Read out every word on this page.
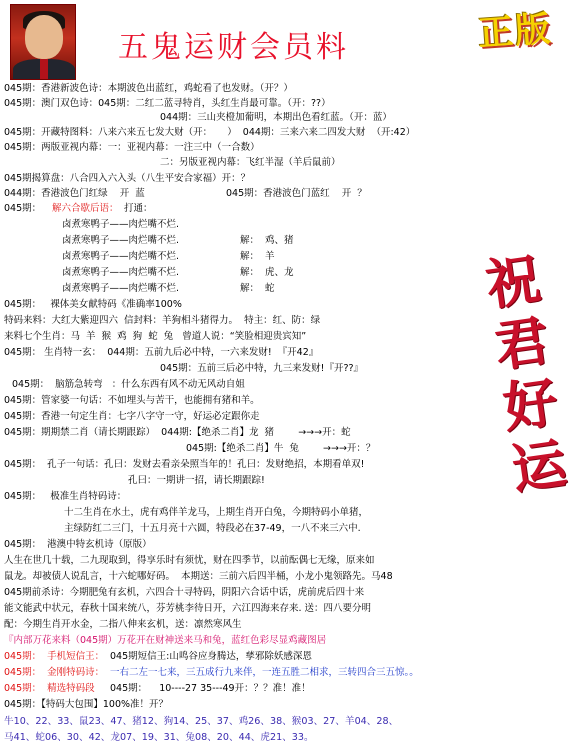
五鬼运财会员料	正版
祝
君
好
运
045期：香港新波色诗：本期波色出蓝红，鸡蛇看了也发财。（开？）
045期：澳门双色诗：045期：二红二蓝寻特肖，头红生肖最可靠。（开：??）
044期：三山夹橙加葡明，本期出色看红蓝。（开：蓝）
045期：开藏特图料：八来六来五七发大财（开：     ）  044期：三来六来二四发大财  （开:42）
045期：两版亚视内幕：一：亚视内幕：一注三中（一合数）
二：另版亚视内幕：飞红半湿（羊后鼠前）
045期揭算盘：八合四入六入头（八生平安合家福）开：？
044期：香港波色门红绿    开  蓝	045期：香港波色门蓝红    开  ？
045期： 解六合歇后语： 打通：
卤煮寒鸭子——肉烂嘴不烂.
卤煮寒鸭子——肉烂嘴不烂.	解：  鸡、猪
卤煮寒鸭子——肉烂嘴不烂.	解：  羊
卤煮寒鸭子——肉烂嘴不烂.	解：  虎、龙
卤煮寒鸭子——肉烂嘴不烂.	解：  蛇
045期：   裸体美女献特码《准确率100%
特码来料：大红大紫迎四六  信封料：羊狗相斗猪得力。  特主：红、防：绿
来料七个生肖：马  羊  猴  鸡  狗  蛇  兔   曾道人说：“笑脸相迎贵宾知”
045期： 生肖特一玄：  044期：五前九后必中特，一六来发财!  『开42』
045期：五前三后必中特，九三来发财!『开??』
045期：  脑筋急转弯   ：什么东西有风不动无风动自姐
045期：管家婆一句话：不如埋头与苦干，也能拥有猪和羊。
045期：香港一句定生肖：七字八字守一守，好运必定跟你走
045期：期期禁二肖（请长期跟踪）  044期:【绝杀二肖】龙  猪        →→→开：蛇
045期:【绝杀二肖】牛  兔        →→→开：？
045期：  孔子一句话：孔曰：发财去看亲朵照当年的！孔曰：发财绝招，本期看单双!
孔曰：一期讲一招，请长期跟踪!
045期：   极准生肖特码诗：
十二生肖在水土，虎有鸡伴羊龙马，上期生肖开白兔，今期特码小单猪，
主绿防红二三门，十五月亮十六圆，特段必在37-49，一八不来三六中.
045期：  港澳中特玄机诗（原版）
人生在世几十载，二九现取到，得享乐时有须忧，财在四季节，以前酝偶七无缘，原来如
鼠龙。却被债人说乱言，十六蛇哪好码。  本期送：三前六后四半桶，小龙小鬼领路先。马48
045期前杀诗：今期肥兔有玄机，六四合十寻特码，阴阳六合话中话，虎前虎后四十来
能文能武中状元，春秋十国来统八，芬芳桃李待日开，六江四海来存来. 送：四八要分明
配：今期生肖开水金，二指八伸来玄机，送：凛然寒风生
『内部万花来料（045期）万花开在财神送来马和兔，蓝红色彩尽显鸡藏图居
045期：  手机短信王： 045期短信王:山鸣谷应身腾达，孳邪除妖感深恩
045期：  金刚特码诗： 一右二左一七来，三五成行九来伴，一连五胜二相求，三转四合三五惊。。
045期：  精选特码段 045期：    10----27 35---49开：？？准！准！
045期：【特码大包围】100%准！开？
牛10、22、33、鼠23、47、猪12、狗14、25、37、鸡26、38、猴03、27、羊04、28、
马41、蛇06、30、42、龙07、19、31、兔08、20、44、虎21、33。
